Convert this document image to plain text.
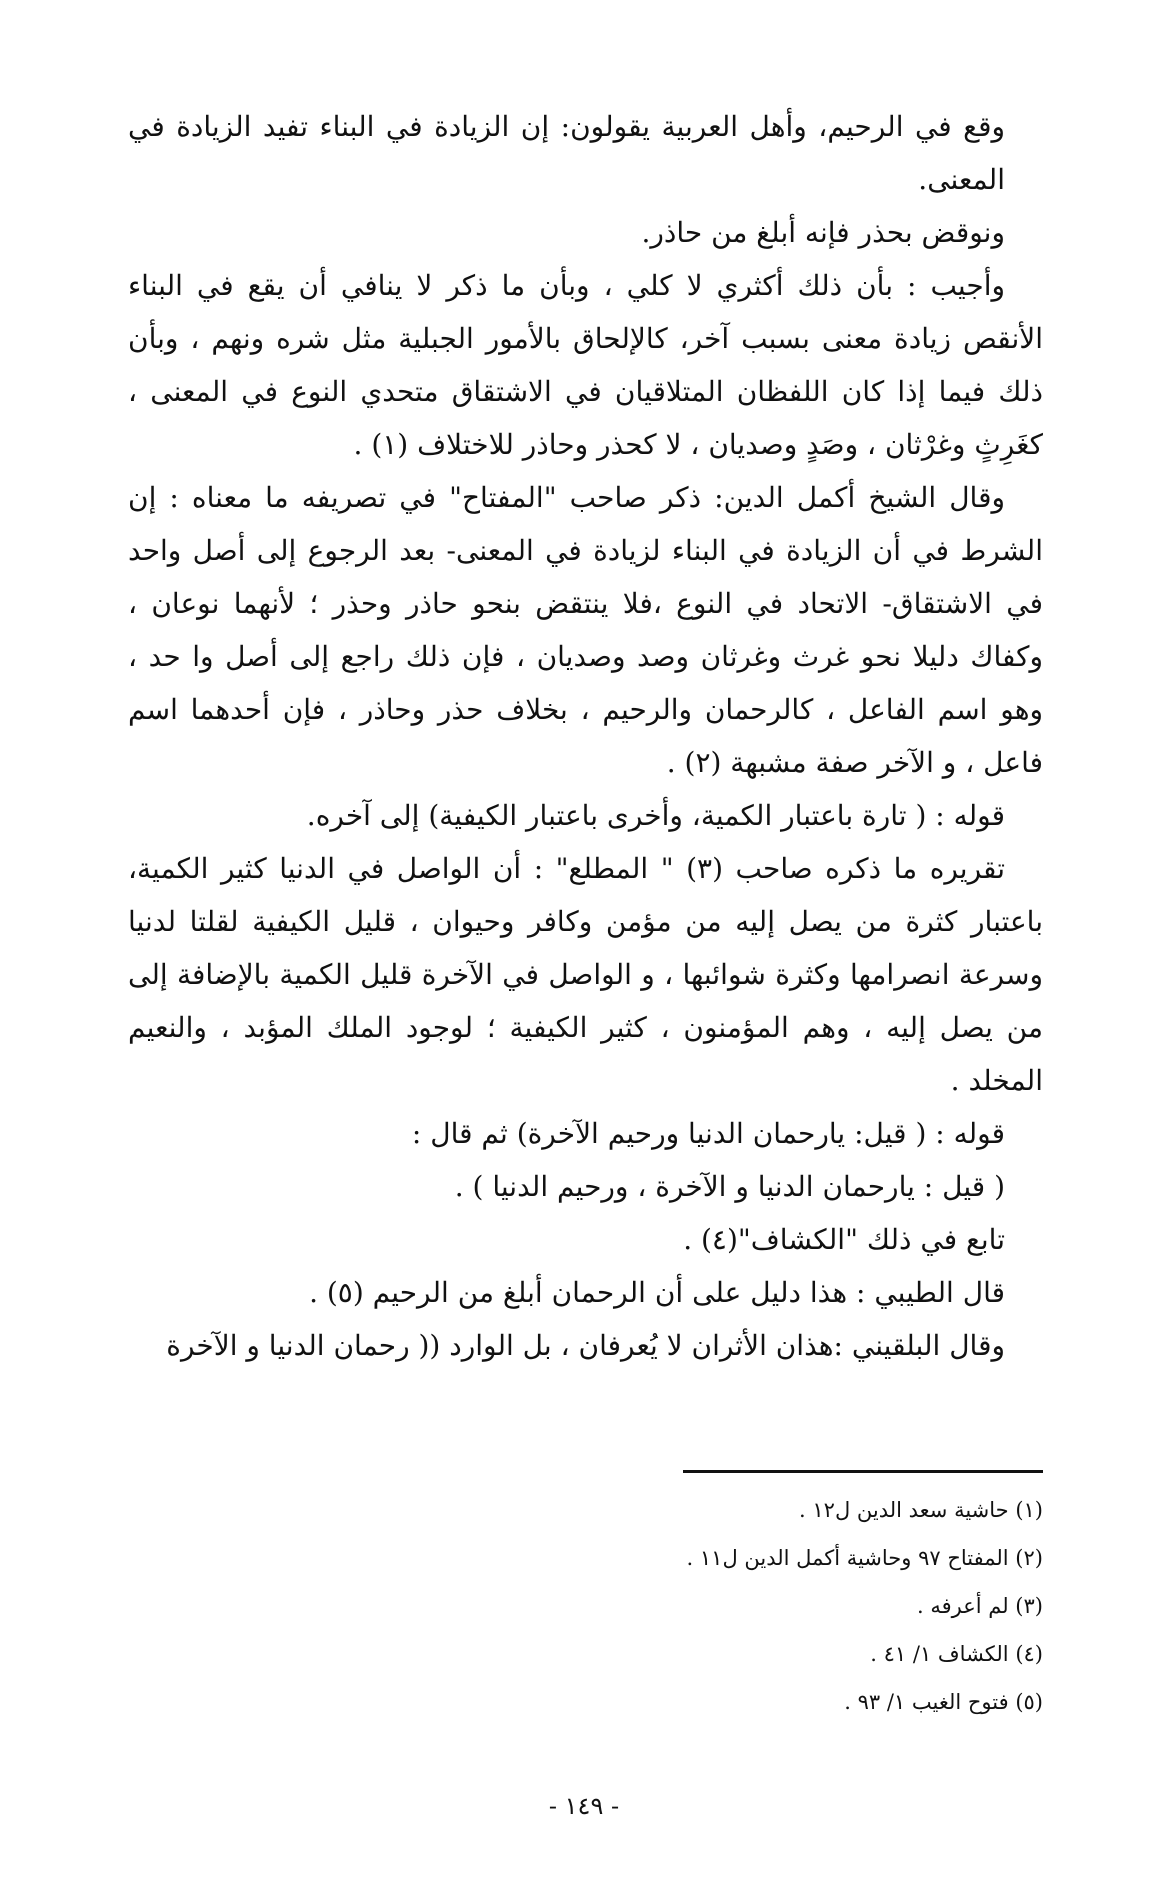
وقع في الرحيم، وأهل العربية يقولون: إن الزيادة في البناء تفيد الزيادة في المعنى.

ونوقض بحذر فإنه أبلغ من حاذر.

وأجيب : بأن ذلك أكثري لا كلي ، وبأن ما ذكر لا ينافي أن يقع في البناء الأنقص زيادة معنى بسبب آخر، كالإلحاق بالأمور الجبلية مثل شره ونهم ، وبأن ذلك فيما إذا كان اللفظان المتلاقيان في الاشتقاق متحدي النوع في المعنى ، كغَرِثٍ وغرْثان ، وصَدٍ وصديان ، لا كحذر وحاذر للاختلاف (١) .

وقال الشيخ أكمل الدين: ذكر صاحب "المفتاح" في تصريفه ما معناه : إن الشرط في أن الزيادة في البناء لزيادة في المعنى- بعد الرجوع إلى أصل واحد في الاشتقاق- الاتحاد في النوع ،فلا ينتقض بنحو حاذر وحذر ؛ لأنهما نوعان ، وكفاك دليلا نحو غرث وغرثان وصد وصديان ، فإن ذلك راجع إلى أصل وا حد ، وهو اسم الفاعل ، كالرحمان والرحيم ، بخلاف حذر وحاذر ، فإن أحدهما اسم فاعل ، و الآخر صفة مشبهة (٢) .

قوله : ( تارة باعتبار الكمية، وأخرى باعتبار الكيفية) إلى آخره.

تقريره ما ذكره صاحب (٣) " المطلع" : أن الواصل في الدنيا كثير الكمية، باعتبار كثرة من يصل إليه من مؤمن وكافر وحيوان ، قليل الكيفية لقلتا لدنيا وسرعة انصرامها وكثرة شوائبها ، و الواصل في الآخرة قليل الكمية بالإضافة إلى من يصل إليه ، وهم المؤمنون ، كثير الكيفية ؛ لوجود الملك المؤبد ، والنعيم المخلد .

قوله : ( قيل: يارحمان الدنيا ورحيم الآخرة) ثم قال :

( قيل : يارحمان الدنيا و الآخرة ، ورحيم الدنيا ) .

تابع في ذلك "الكشاف"(٤) .

قال الطيبي : هذا دليل على أن الرحمان أبلغ من الرحيم (٥) .

وقال البلقيني :هذان الأثران لا يُعرفان ، بل الوارد (( رحمان الدنيا و الآخرة

(١) حاشية سعد الدين ل١٢ .

(٢) المفتاح ٩٧ وحاشية أكمل الدين ل١١ .

(٣) لم أعرفه .

(٤) الكشاف ١/ ٤١ .

(٥) فتوح الغيب ١/ ٩٣ .

- ١٤٩ -
